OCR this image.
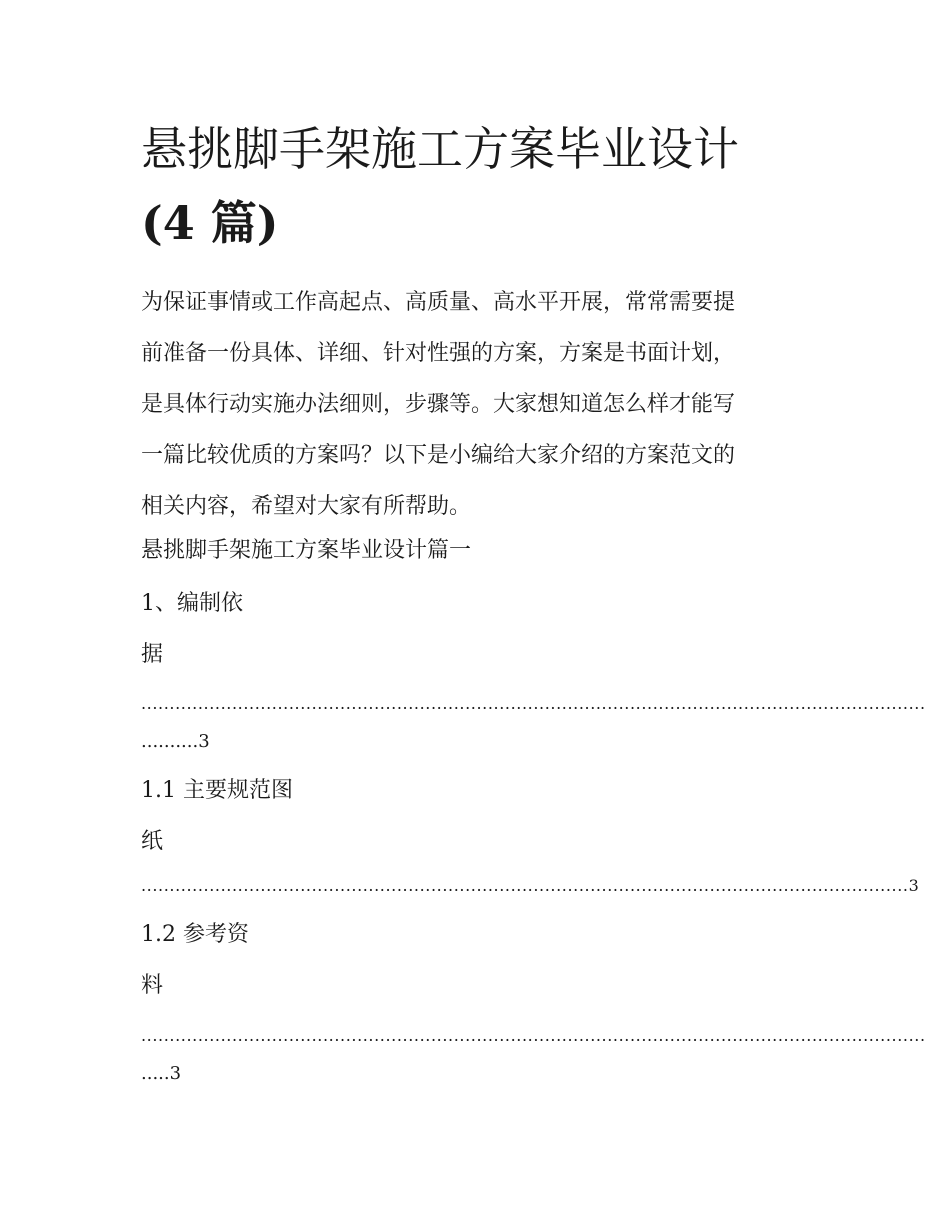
悬挑脚手架施工方案毕业设计
(4 篇)

为保证事情或工作高起点、高质量、高水平开展，常常需要提
前准备一份具体、详细、针对性强的方案，方案是书面计划，
是具体行动实施办法细则，步骤等。大家想知道怎么样才能写
一篇比较优质的方案吗？以下是小编给大家介绍的方案范文的
相关内容，希望对大家有所帮助。

悬挑脚手架施工方案毕业设计篇一
1、编制依
据
..........................................................................................................................................
..........3
1.1 主要规范图
纸
.......................................................................................................................................3
1.2 参考资
料
..........................................................................................................................................
.....3
